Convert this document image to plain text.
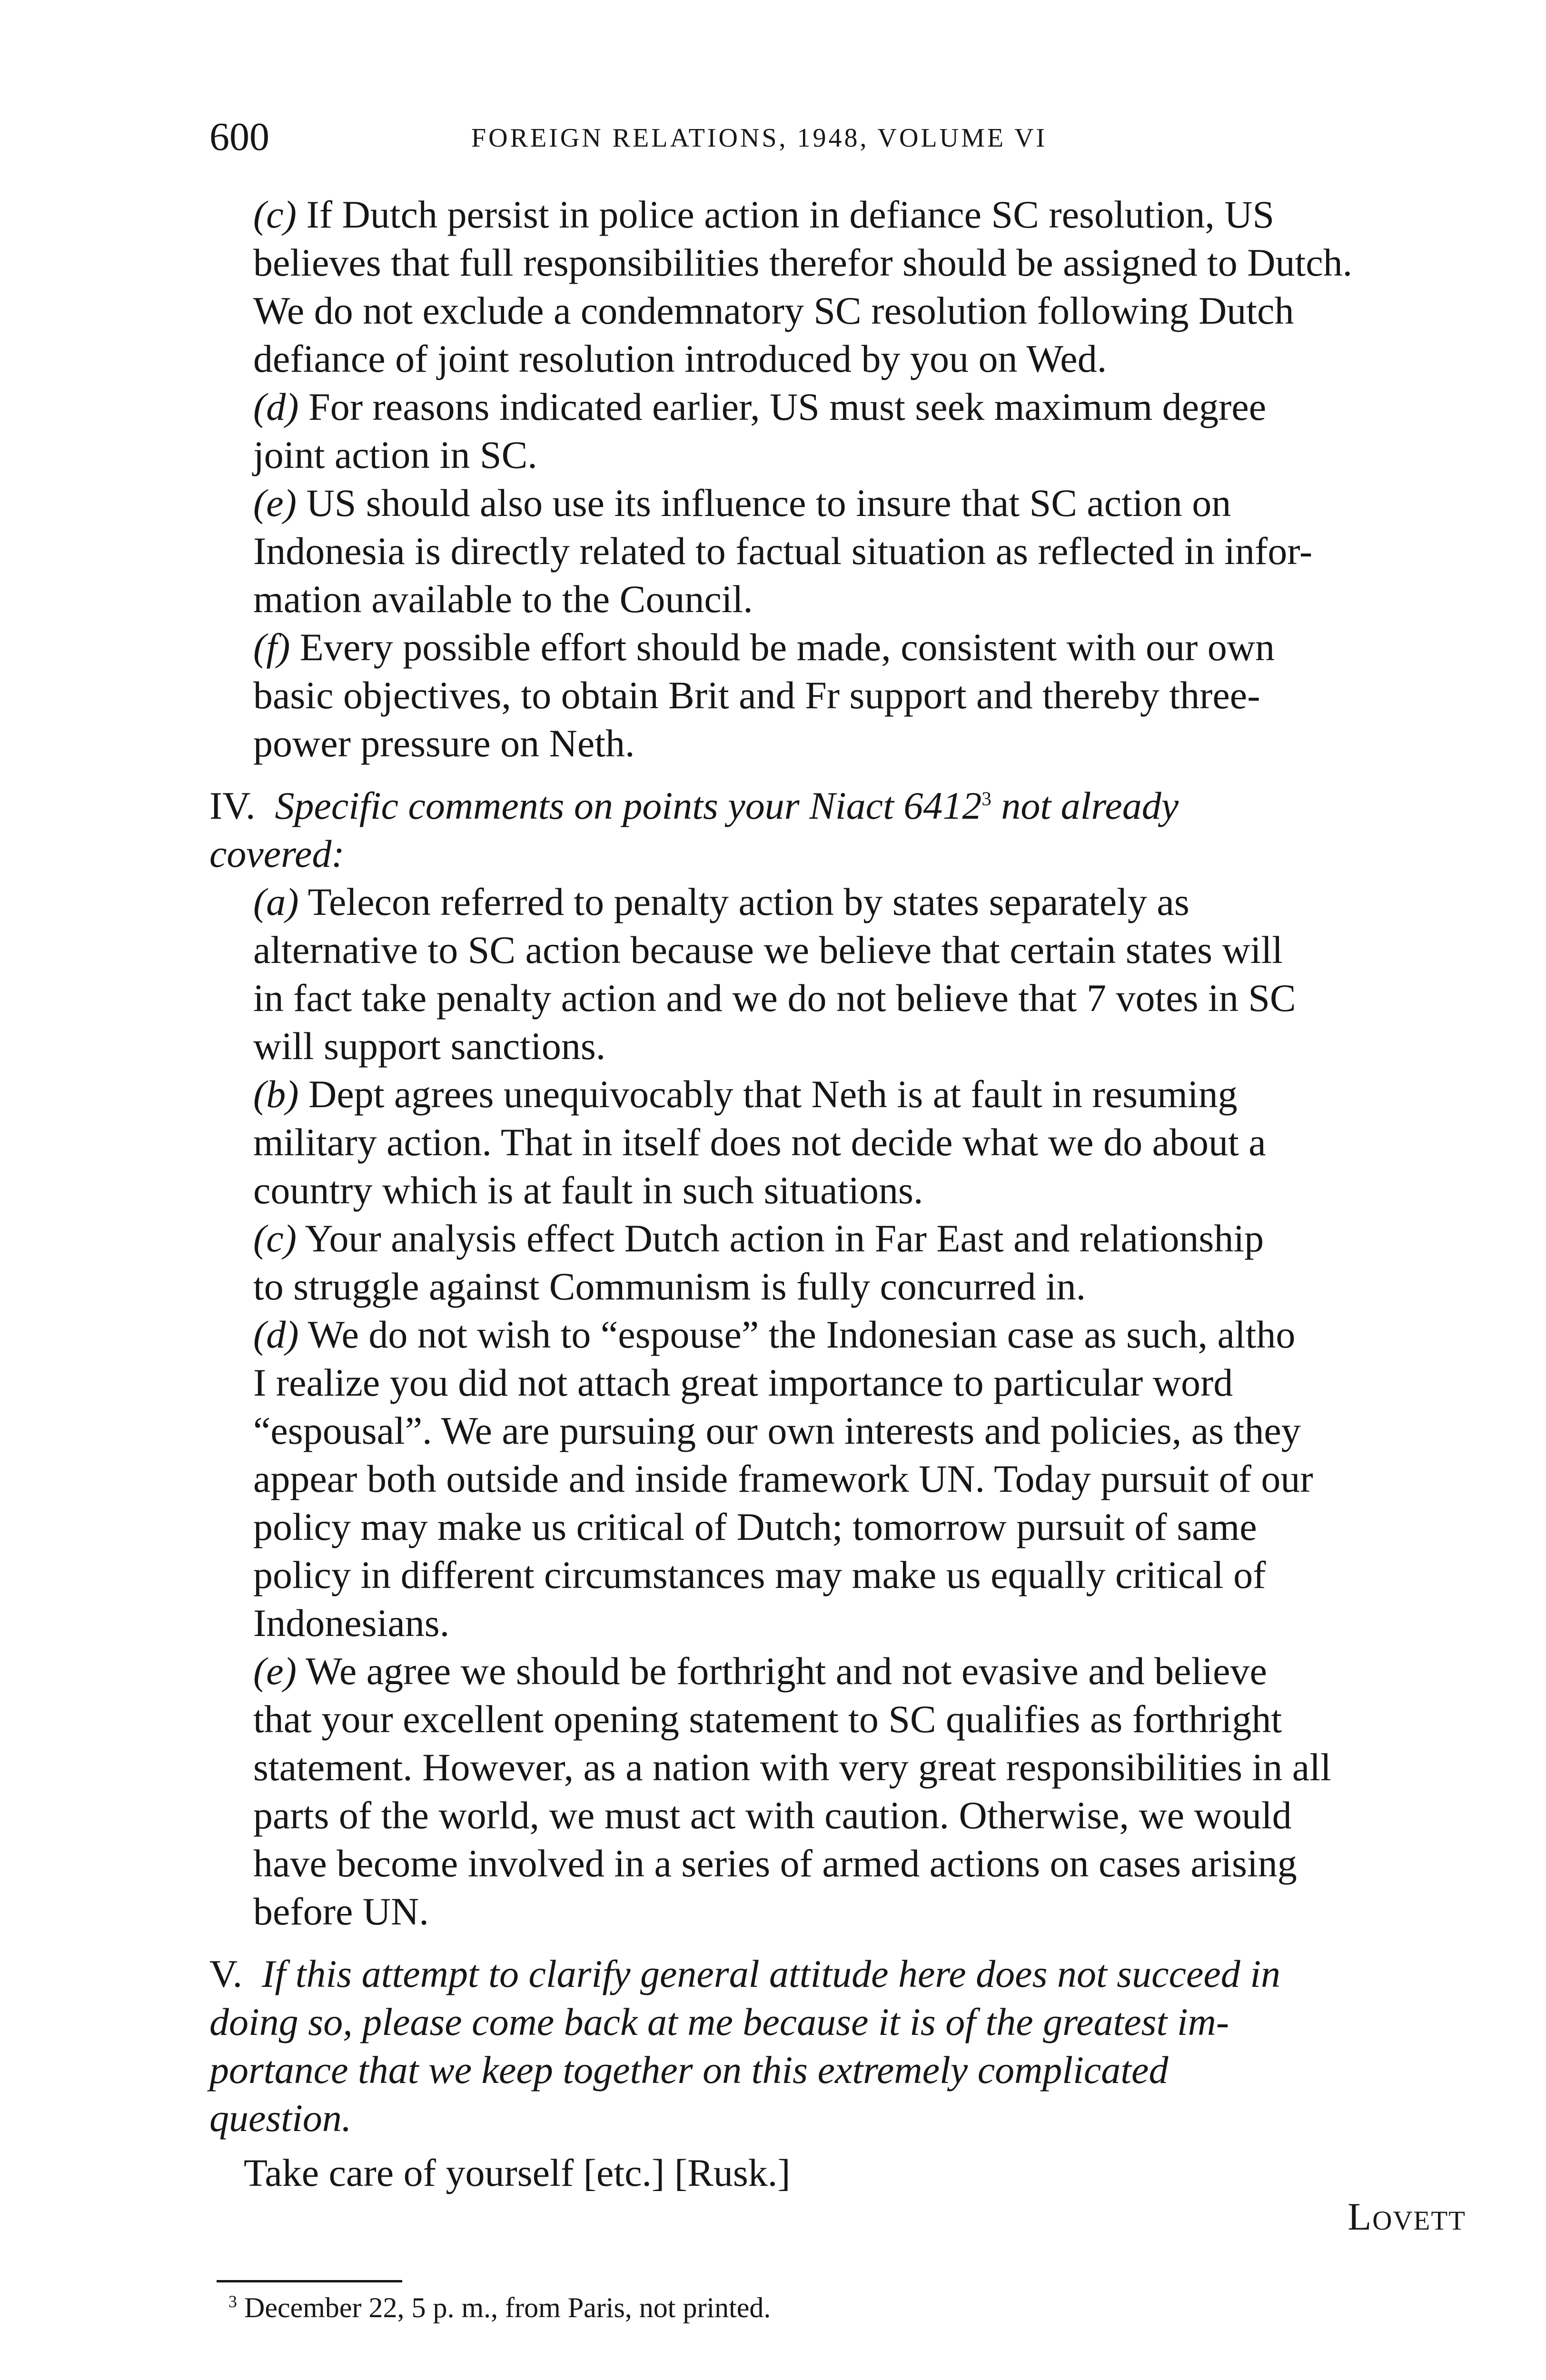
600	FOREIGN RELATIONS, 1948, VOLUME VI

(c) If Dutch persist in police action in defiance SC resolution, US
believes that full responsibilities therefor should be assigned to Dutch.
We do not exclude a condemnatory SC resolution following Dutch
defiance of joint resolution introduced by you on Wed.

(d) For reasons indicated earlier, US must seek maximum degree
joint action in SC.

(e) US should also use its influence to insure that SC action on
Indonesia is directly related to factual situation as reflected in infor-
mation available to the Council.

(f) Every possible effort should be made, consistent with our own
basic objectives, to obtain Brit and Fr support and thereby three-
power pressure on Neth.

IV. Specific comments on points your Niact 6412$^3$ not already
covered:

(a) Telecon referred to penalty action by states separately as
alternative to SC action because we believe that certain states will
in fact take penalty action and we do not believe that 7 votes in SC
will support sanctions.

(b) Dept agrees unequivocably that Neth is at fault in resuming
military action. That in itself does not decide what we do about a
country which is at fault in such situations.

(c) Your analysis effect Dutch action in Far East and relationship
to struggle against Communism is fully concurred in.

(d) We do not wish to “espouse” the Indonesian case as such, altho
I realize you did not attach great importance to particular word
“espousal”. We are pursuing our own interests and policies, as they
appear both outside and inside framework UN. Today pursuit of our
policy may make us critical of Dutch; tomorrow pursuit of same
policy in different circumstances may make us equally critical of
Indonesians.

(e) We agree we should be forthright and not evasive and believe
that your excellent opening statement to SC qualifies as forthright
statement. However, as a nation with very great responsibilities in all
parts of the world, we must act with caution. Otherwise, we would
have become involved in a series of armed actions on cases arising
before UN.

V. If this attempt to clarify general attitude here does not succeed in
doing so, please come back at me because it is of the greatest im-
portance that we keep together on this extremely complicated
question.
Take care of yourself [etc.] [Rusk.]
Lovett
$^3$ December 22, 5 p. m., from Paris, not printed.
